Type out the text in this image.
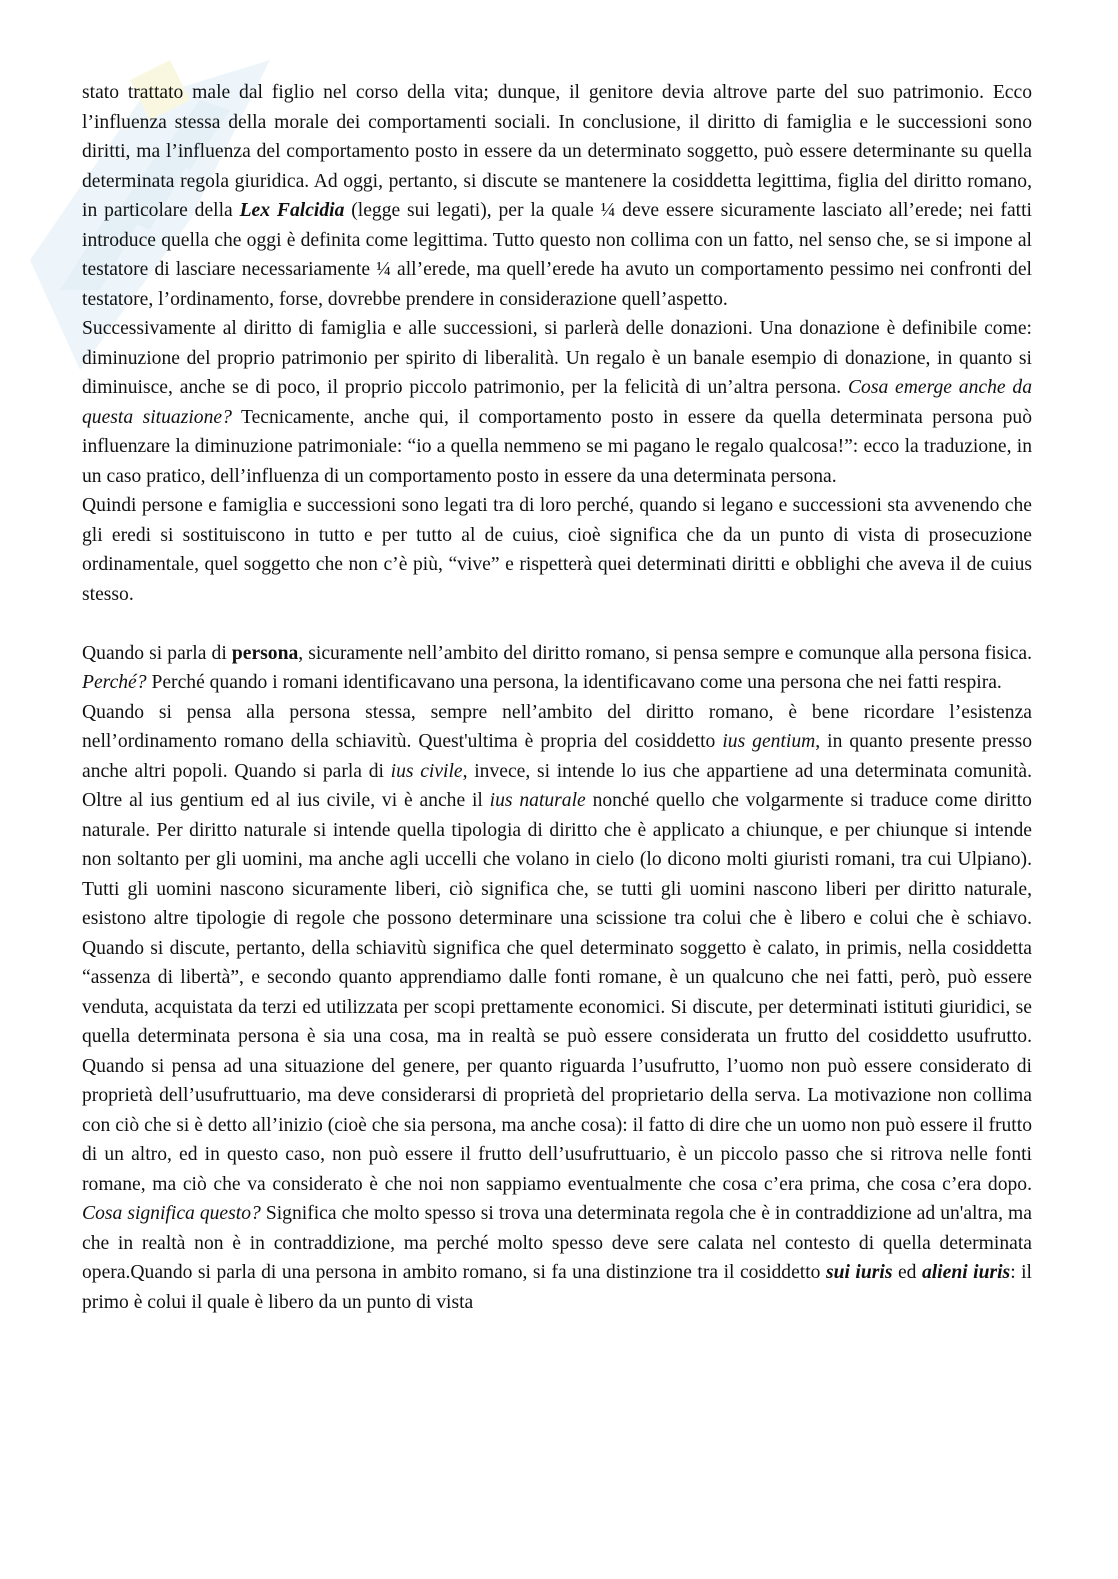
stato trattato male dal figlio nel corso della vita; dunque, il genitore devia altrove parte del suo patrimonio. Ecco l’influenza stessa della morale dei comportamenti sociali. In conclusione, il diritto di famiglia e le successioni sono diritti, ma l’influenza del comportamento posto in essere da un determinato soggetto, può essere determinante su quella determinata regola giuridica. Ad oggi, pertanto, si discute se mantenere la cosiddetta legittima, figlia del diritto romano, in particolare della Lex Falcidia (legge sui legati), per la quale ¼ deve essere sicuramente lasciato all’erede; nei fatti introduce quella che oggi è definita come legittima. Tutto questo non collima con un fatto, nel senso che, se si impone al testatore di lasciare necessariamente ¼ all’erede, ma quell’erede ha avuto un comportamento pessimo nei confronti del testatore, l’ordinamento, forse, dovrebbe prendere in considerazione quell’aspetto.

Successivamente al diritto di famiglia e alle successioni, si parlerà delle donazioni. Una donazione è definibile come: diminuzione del proprio patrimonio per spirito di liberalità. Un regalo è un banale esempio di donazione, in quanto si diminuisce, anche se di poco, il proprio piccolo patrimonio, per la felicità di un’altra persona. Cosa emerge anche da questa situazione? Tecnicamente, anche qui, il comportamento posto in essere da quella determinata persona può influenzare la diminuzione patrimoniale: “io a quella nemmeno se mi pagano le regalo qualcosa!”: ecco la traduzione, in un caso pratico, dell’influenza di un comportamento posto in essere da una determinata persona.

Quindi persone e famiglia e successioni sono legati tra di loro perché, quando si legano e successioni sta avvenendo che gli eredi si sostituiscono in tutto e per tutto al de cuius, cioè significa che da un punto di vista di prosecuzione ordinamentale, quel soggetto che non c’è più, “vive” e rispetterà quei determinati diritti e obblighi che aveva il de cuius stesso.

Quando si parla di persona, sicuramente nell’ambito del diritto romano, si pensa sempre e comunque alla persona fisica. Perché? Perché quando i romani identificavano una persona, la identificavano come una persona che nei fatti respira.

Quando si pensa alla persona stessa, sempre nell’ambito del diritto romano, è bene ricordare l’esistenza nell’ordinamento romano della schiavitù. Quest'ultima è propria del cosiddetto ius gentium, in quanto presente presso anche altri popoli. Quando si parla di ius civile, invece, si intende lo ius che appartiene ad una determinata comunità. Oltre al ius gentium ed al ius civile, vi è anche il ius naturale nonché quello che volgarmente si traduce come diritto naturale. Per diritto naturale si intende quella tipologia di diritto che è applicato a chiunque, e per chiunque si intende non soltanto per gli uomini, ma anche agli uccelli che volano in cielo (lo dicono molti giuristi romani, tra cui Ulpiano). Tutti gli uomini nascono sicuramente liberi, ciò significa che, se tutti gli uomini nascono liberi per diritto naturale, esistono altre tipologie di regole che possono determinare una scissione tra colui che è libero e colui che è schiavo. Quando si discute, pertanto, della schiavitù significa che quel determinato soggetto è calato, in primis, nella cosiddetta “assenza di libertà”, e secondo quanto apprendiamo dalle fonti romane, è un qualcuno che nei fatti, però, può essere venduta, acquistata da terzi ed utilizzata per scopi prettamente economici. Si discute, per determinati istituti giuridici, se quella determinata persona è sia una cosa, ma in realtà se può essere considerata un frutto del cosiddetto usufrutto. Quando si pensa ad una situazione del genere, per quanto riguarda l’usufrutto, l’uomo non può essere considerato di proprietà dell’usufruttuario, ma deve considerarsi di proprietà del proprietario della serva. La motivazione non collima con ciò che si è detto all’inizio (cioè che sia persona, ma anche cosa): il fatto di dire che un uomo non può essere il frutto di un altro, ed in questo caso, non può essere il frutto dell’usufruttuario, è un piccolo passo che si ritrova nelle fonti romane, ma ciò che va considerato è che noi non sappiamo eventualmente che cosa c’era prima, che cosa c’era dopo. Cosa significa questo? Significa che molto spesso si trova una determinata regola che è in contraddizione ad un'altra, ma che in realtà non è in contraddizione, ma perché molto spesso deve sere calata nel contesto di quella determinata opera.Quando si parla di una persona in ambito romano, si fa una distinzione tra il cosiddetto sui iuris ed alieni iuris: il primo è colui il quale è libero da un punto di vista
